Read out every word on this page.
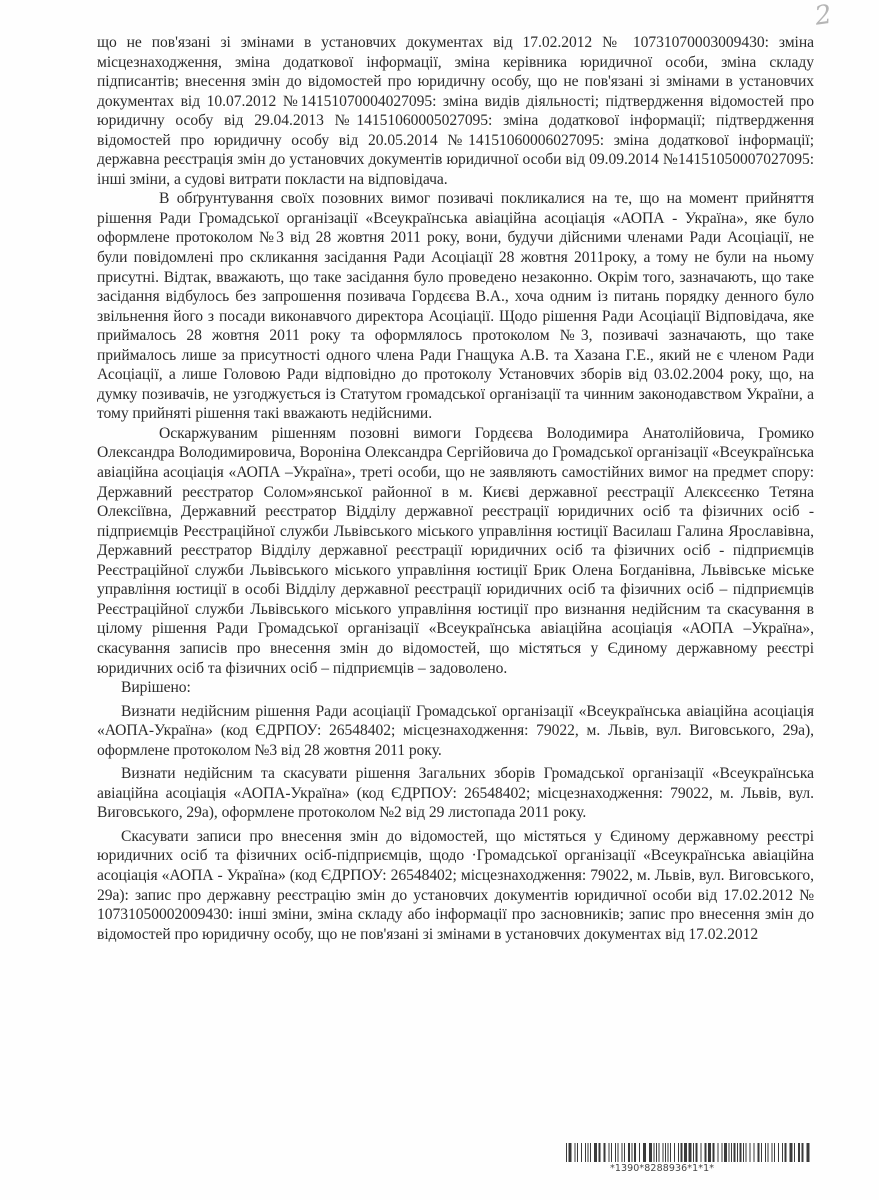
2

що не пов'язані зі змінами в установчих документах від 17.02.2012 № 10731070003009430: зміна місцезнаходження, зміна додаткової інформації, зміна керівника юридичної особи, зміна складу підписантів; внесення змін до відомостей про юридичну особу, що не пов'язані зі змінами в установчих документах від 10.07.2012 №14151070004027095: зміна видів діяльності; підтвердження відомостей про юридичну особу від 29.04.2013 №14151060005027095: зміна додаткової інформації; підтвердження відомостей про юридичну особу від 20.05.2014 №14151060006027095: зміна додаткової інформації; державна реєстрація змін до установчих документів юридичної особи від 09.09.2014 №14151050007027095: інші зміни, а судові витрати покласти на відповідача.

В обґрунтування своїх позовних вимог позивачі покликалися на те, що на момент прийняття рішення Ради Громадської організації «Всеукраїнська авіаційна асоціація «АОПА - Україна», яке було оформлене протоколом №3 від 28 жовтня 2011 року, вони, будучи дійсними членами Ради Асоціації, не були повідомлені про скликання засідання Ради Асоціації 28 жовтня 2011року, а тому не були на ньому присутні. Відтак, вважають, що таке засідання було проведено незаконно. Окрім того, зазначають, що таке засідання відбулось без запрошення позивача Гордєєва В.А., хоча одним із питань порядку денного було звільнення його з посади виконавчого директора Асоціації. Щодо рішення Ради Асоціації Відповідача, яке приймалось 28 жовтня 2011 року та оформлялось протоколом №3, позивачі зазначають, що таке приймалось лише за присутності одного члена Ради Гнащука А.В. та Хазана Г.Е., який не є членом Ради Асоціації, а лише Головою Ради відповідно до протоколу Установчих зборів від 03.02.2004 року, що, на думку позивачів, не узгоджується із Статутом громадської організації та чинним законодавством України, а тому прийняті рішення такі вважають недійсними.

Оскаржуваним рішенням позовні вимоги Гордєєва Володимира Анатолійовича, Громико Олександра Володимировича, Вороніна Олександра Сергійовича до Громадської організації «Всеукраїнська авіаційна асоціація «АОПА –Україна», треті особи, що не заявляють самостійних вимог на предмет спору: Державний реєстратор Солом»янської районної в м. Києві державної реєстрації Алєксєєнко Тетяна Олексіївна, Державний реєстратор Відділу державної реєстрації юридичних осіб та фізичних осіб - підприємців Реєстраційної служби Львівського міського управління юстиції Василаш Галина Ярославівна, Державний реєстратор Відділу державної реєстрації юридичних осіб та фізичних осіб - підприємців Реєстраційної служби Львівського міського управління юстиції Брик Олена Богданівна, Львівське міське управління юстиції в особі Відділу державної реєстрації юридичних осіб та фізичних осіб – підприємців Реєстраційної служби Львівського міського управління юстиції про визнання недійсним та скасування в цілому рішення Ради Громадської організації «Всеукраїнська авіаційна асоціація «АОПА –Україна», скасування записів про внесення змін до відомостей, що містяться у Єдиному державному реєстрі юридичних осіб та фізичних осіб – підприємців – задоволено.

Вирішено:

Визнати недійсним рішення Ради асоціації Громадської організації «Всеукраїнська авіаційна асоціація «АОПА-Україна» (код ЄДРПОУ: 26548402; місцезнаходження: 79022, м. Львів, вул. Виговського, 29а), оформлене протоколом №3 від 28 жовтня 2011 року.

Визнати недійсним та скасувати рішення Загальних зборів Громадської організації «Всеукраїнська авіаційна асоціація «АОПА-Україна» (код ЄДРПОУ: 26548402; місцезнаходження: 79022, м. Львів, вул. Виговського, 29а), оформлене протоколом №2 від 29 листопада 2011 року.

Скасувати записи про внесення змін до відомостей, що містяться у Єдиному державному реєстрі юридичних осіб та фізичних осіб-підприємців, щодо ·Громадської організації «Всеукраїнська авіаційна асоціація «АОПА - Україна» (код ЄДРПОУ: 26548402; місцезнаходження: 79022, м. Львів, вул. Виговського, 29а): запис про державну реєстрацію змін до установчих документів юридичної особи від 17.02.2012 № 10731050002009430: інші зміни, зміна складу або інформації про засновників; запис про внесення змін до відомостей про юридичну особу, що не пов'язані зі змінами в установчих документах від 17.02.2012

*1390*8288936*1*1*
